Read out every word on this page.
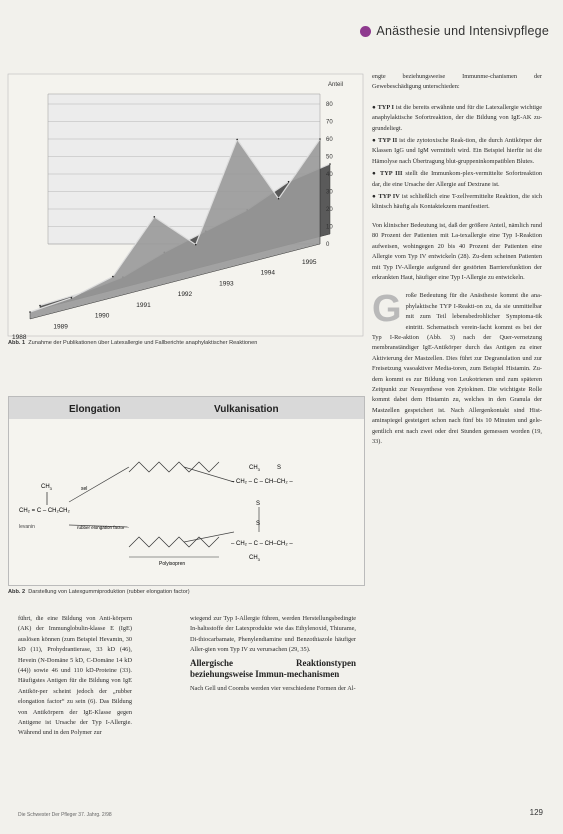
Anästhesie und Intensivpflege
0
10
20
30
40
50
60
70
80
1988
1989
1990
1991
1992
1993
1994
1995
Anteil
Abb. 1 Zunahme der Publikationen über Latexallergie und Fallberichte anaphylaktischer Reaktionen
Elongation	Vulkanisation
$CH_3$
CH₂ = C – CH₂CH₂
levanin
sel
rubber elongation factor
Polyisopren
$CH_3$	S
– CH₂ – C – CH–CH₂ –
S
S
– CH₂ – C – CH–CH₂ –
$CH_3$
Abb. 2 Darstellung von Latexgummiproduktion (rubber elongation factor)

führt, die eine Bildung von Anti-körpern (AK) der Immunglobulin-klasse E (IgE) auslösen können (zum Beispiel Hevamin, 30 kD (11), Prohydrantierase, 33 kD (46), Hevein (N-Domäne 5 kD, C-Domäne 14 kD (44)) sowie 46 und 110 kD-Proteine (33). Häufigstes Antigen für die Bildung von IgE Antikör-per scheint jedoch der „rubber elongation factor“ zu sein (6). Das Bildung von Antikörpern der IgE-Klasse gegen Antigene ist Ursache der Typ I-Allergie. Während und in den Polymer zur

wiegend zur Typ I-Allergie führen, werden Herstellungsbedingte In-haltsstoffe der Latexprodukte wie das Ethylenoxid, Thiurame, Di-thiocarbamate, Phenylendiamine und Benzothiazole häufiger Aller-gien vom Typ IV zu verursachen (29, 35).

Allergische Reaktionstypen beziehungsweise Immun-mechanismen

Nach Gell und Coombs werden vier verschiedene Formen der Al-

engte beziehungsweise Immunme-chanismen der Gewebeschädigung unterschieden:

● TYP I ist die bereits erwähnte und für die Latexallergie wichtige anaphylaktische Sofortreaktion, der die Bildung von IgE-AK zu-grundeliegt.

● TYP II ist die zytotoxische Reak-tion, die durch Antikörper der Klassen IgG und IgM vermittelt wird. Ein Beispiel hierfür ist die Hämolyse nach Übertragung blut-gruppeninkompatiblen Blutes.

● TYP III stellt die Immunkom-plex-vermittelte Sofortreaktion dar, die eine Ursache der Allergie auf Dextrane ist.

● TYP IV ist schließlich eine T-zellvermittelte Reaktion, die sich klinisch häufig als Kontaktekzem manifestiert.

Von klinischer Bedeutung ist, daß der größere Anteil, nämlich rund 80 Prozent der Patienten mit La-texallergie eine Typ I-Reaktion aufweisen, wohingegen 20 bis 40 Prozent der Patienten eine Allergie vom Typ IV entwickeln (28). Zu-dem scheinen Patienten mit Typ IV-Allergie aufgrund der gestörten Barrierefunktion der erkrankten Haut, häufiger eine Typ I-Allergie zu entwickeln.

Große Bedeutung für die Anästhesie kommt die ana-phylaktische TYP I-Reakti-on zu, da sie unmittelbar mit zum Teil lebensbedrohlicher Symptoma-tik eintritt. Schematisch verein-facht kommt es bei der Typ I-Re-aktion (Abb. 3) nach der Quer-vernetzung membranständiger IgE-Antikörper durch das Antigen zu einer Aktivierung der Mastzellen. Dies führt zur Degranulation und zur Freisetzung vasoaktiver Media-toren, zum Beispiel Histamin. Zu-dem kommt es zur Bildung von Leukotrienen und zum späteren Zeitpunkt zur Neusynthese von Zytokinen. Die wichtigste Rolle kommt dabei dem Histamin zu, welches in den Granula der Mastzellen gespeichert ist. Nach Allergenkontakt sind Hist-aminspiegel gesteigert schon nach fünf bis 10 Minuten und gele-gentlich erst nach zwei oder drei Stunden gemessen worden (19, 33).

Die Schwester Der Pfleger 37. Jahrg. 2/98	129
